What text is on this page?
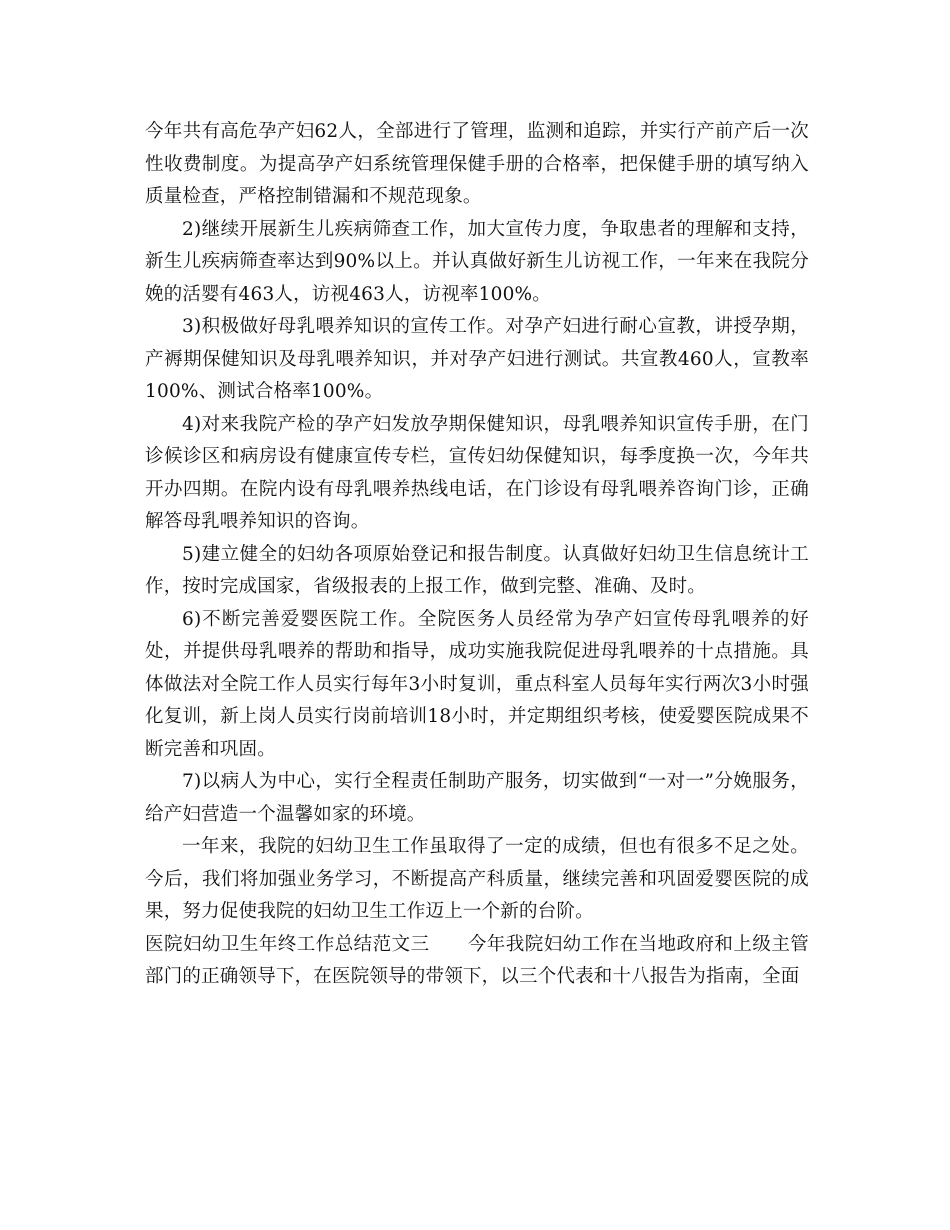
今年共有高危孕产妇62人，全部进行了管理，监测和追踪，并实行产前产后一次性收费制度。为提高孕产妇系统管理保健手册的合格率，把保健手册的填写纳入质量检查，严格控制错漏和不规范现象。

2)继续开展新生儿疾病筛查工作，加大宣传力度，争取患者的理解和支持，新生儿疾病筛查率达到90%以上。并认真做好新生儿访视工作，一年来在我院分娩的活婴有463人，访视463人，访视率100%。

3)积极做好母乳喂养知识的宣传工作。对孕产妇进行耐心宣教，讲授孕期，产褥期保健知识及母乳喂养知识，并对孕产妇进行测试。共宣教460人，宣教率100%、测试合格率100%。

4)对来我院产检的孕产妇发放孕期保健知识，母乳喂养知识宣传手册，在门诊候诊区和病房设有健康宣传专栏，宣传妇幼保健知识，每季度换一次，今年共开办四期。在院内设有母乳喂养热线电话，在门诊设有母乳喂养咨询门诊，正确解答母乳喂养知识的咨询。

5)建立健全的妇幼各项原始登记和报告制度。认真做好妇幼卫生信息统计工作，按时完成国家，省级报表的上报工作，做到完整、准确、及时。

6)不断完善爱婴医院工作。全院医务人员经常为孕产妇宣传母乳喂养的好处，并提供母乳喂养的帮助和指导，成功实施我院促进母乳喂养的十点措施。具体做法对全院工作人员实行每年3小时复训，重点科室人员每年实行两次3小时强化复训，新上岗人员实行岗前培训18小时，并定期组织考核，使爱婴医院成果不断完善和巩固。

7)以病人为中心，实行全程责任制助产服务，切实做到“一对一”分娩服务，给产妇营造一个温馨如家的环境。

一年来，我院的妇幼卫生工作虽取得了一定的成绩，但也有很多不足之处。今后，我们将加强业务学习，不断提高产科质量，继续完善和巩固爱婴医院的成果，努力促使我院的妇幼卫生工作迈上一个新的台阶。

医院妇幼卫生年终工作总结范文三 今年我院妇幼工作在当地政府和上级主管部门的正确领导下，在医院领导的带领下，以三个代表和十八报告为指南，全面
